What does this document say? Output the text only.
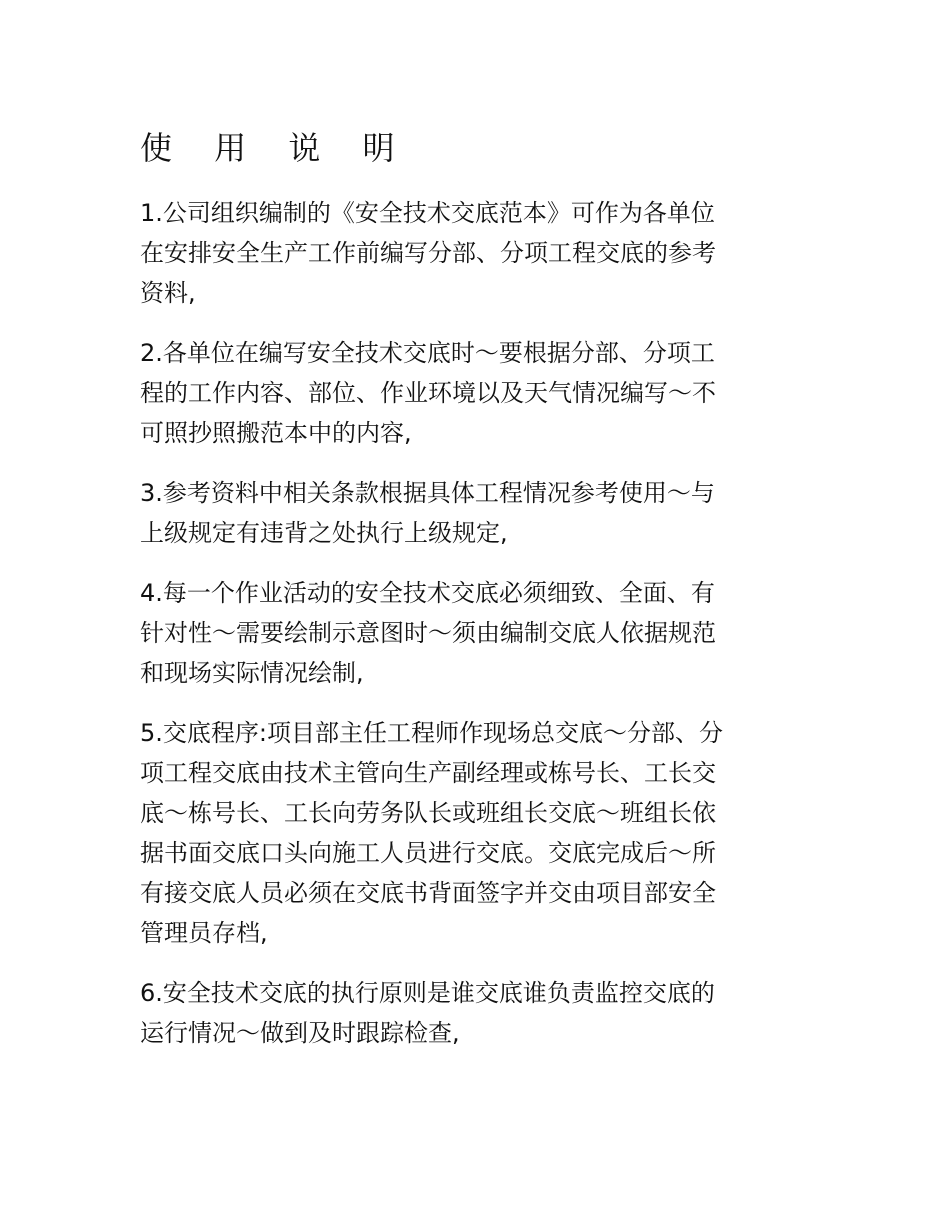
使 用 说 明

1.公司组织编制的《安全技术交底范本》可作为各单位
在安排安全生产工作前编写分部、分项工程交底的参考
资料,

2.各单位在编写安全技术交底时～要根据分部、分项工
程的工作内容、部位、作业环境以及天气情况编写～不
可照抄照搬范本中的内容,

3.参考资料中相关条款根据具体工程情况参考使用～与
上级规定有违背之处执行上级规定,

4.每一个作业活动的安全技术交底必须细致、全面、有
针对性～需要绘制示意图时～须由编制交底人依据规范
和现场实际情况绘制,

5.交底程序:项目部主任工程师作现场总交底～分部、分
项工程交底由技术主管向生产副经理或栋号长、工长交
底～栋号长、工长向劳务队长或班组长交底～班组长依
据书面交底口头向施工人员进行交底。交底完成后～所
有接交底人员必须在交底书背面签字并交由项目部安全
管理员存档,

6.安全技术交底的执行原则是谁交底谁负责监控交底的
运行情况～做到及时跟踪检查,
